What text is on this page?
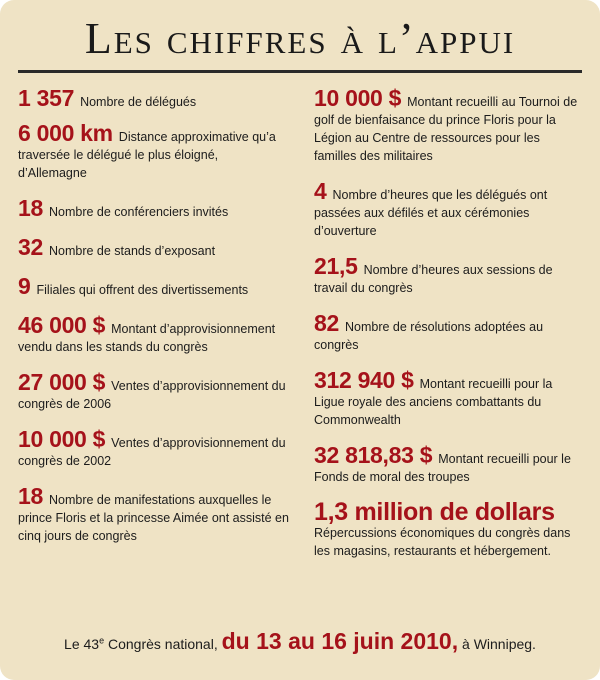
Les chiffres à l’appui
1 357 Nombre de délégués
6 000 km Distance approximative qu’a traversée le délégué le plus éloigné, d’Allemagne
18 Nombre de conférenciers invités
32 Nombre de stands d’exposant
9 Filiales qui offrent des divertissements
46 000 $ Montant d’approvisionnement vendu dans les stands du congrès
27 000 $ Ventes d’approvisionnement du congrès de 2006
10 000 $ Ventes d’approvisionnement du congrès de 2002
18 Nombre de manifestations auxquelles le prince Floris et la princesse Aimée ont assisté en cinq jours de congrès
10 000 $ Montant recueilli au Tournoi de golf de bienfaisance du prince Floris pour la Légion au Centre de ressources pour les familles des militaires
4 Nombre d’heures que les délégués ont passées aux défilés et aux cérémonies d’ouverture
21,5 Nombre d’heures aux sessions de travail du congrès
82 Nombre de résolutions adoptées au congrès
312 940 $ Montant recueilli pour la Ligue royale des anciens combattants du Commonwealth
32 818,83 $ Montant recueilli pour le Fonds de moral des troupes
1,3 million de dollars
Répercussions économiques du congrès dans les magasins, restaurants et hébergement.
Le 43e Congrès national, du 13 au 16 juin 2010, à Winnipeg.
